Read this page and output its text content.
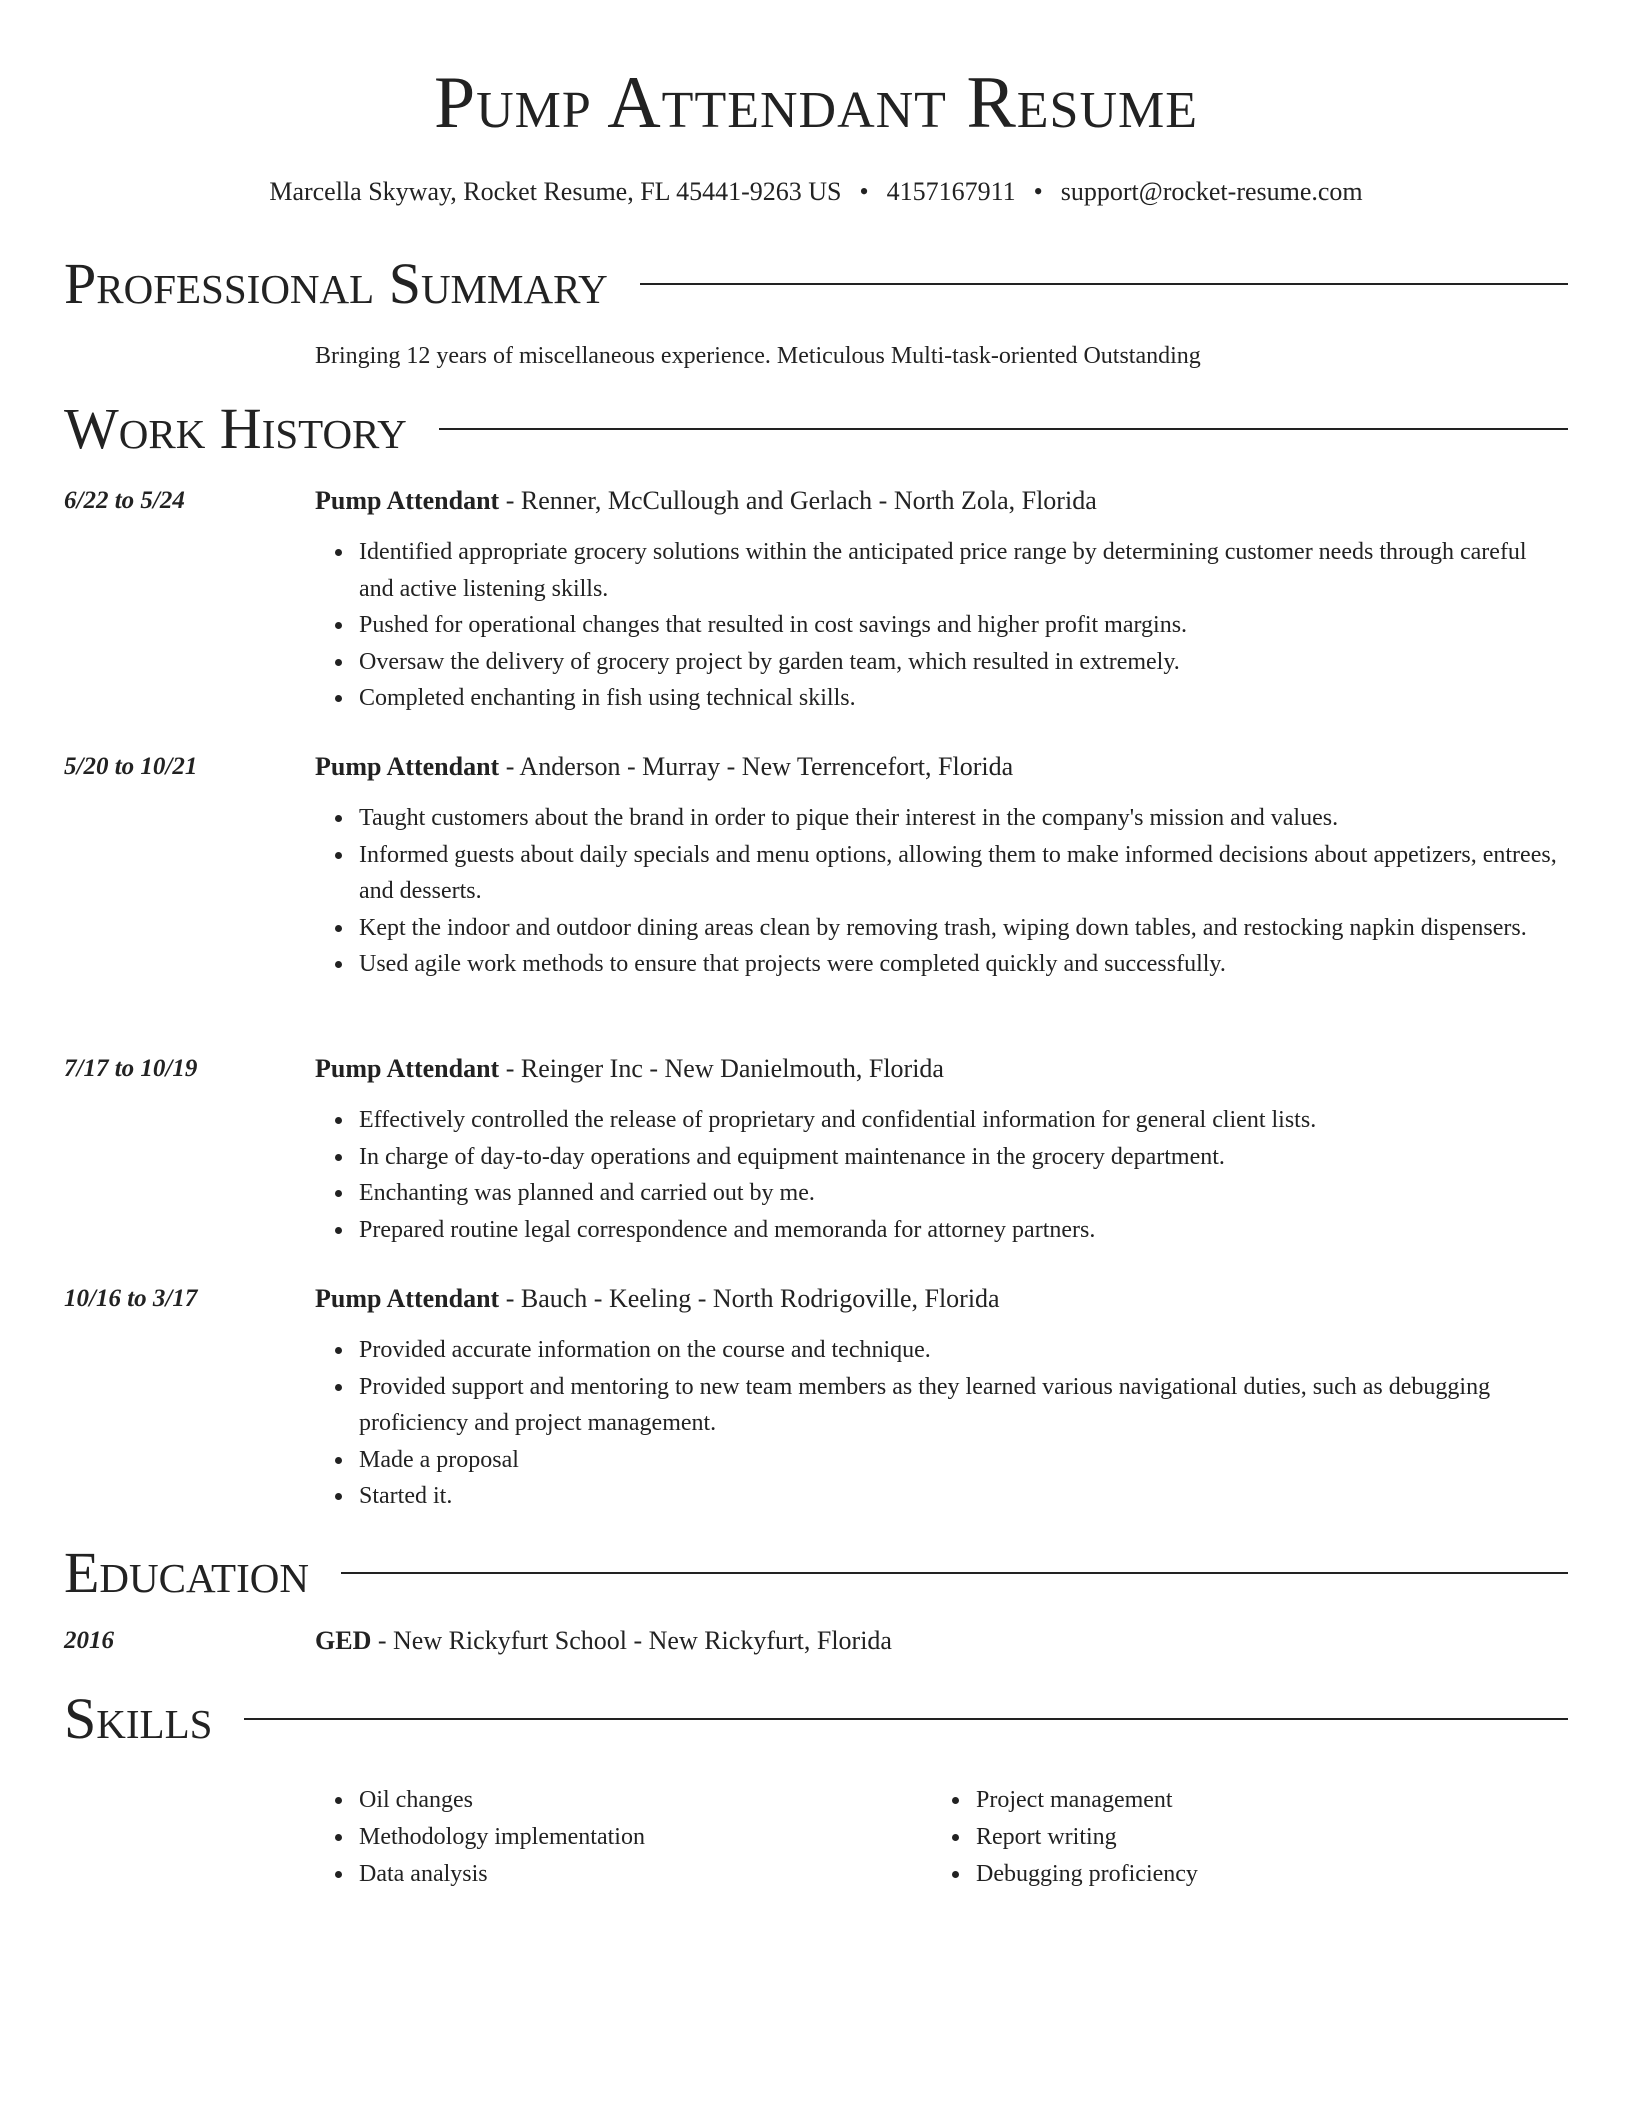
Pump Attendant Resume
Marcella Skyway, Rocket Resume, FL 45441-9263 US • 4157167911 • support@rocket-resume.com
Professional Summary
Bringing 12 years of miscellaneous experience. Meticulous Multi-task-oriented Outstanding
Work History
6/22 to 5/24	Pump Attendant - Renner, McCullough and Gerlach - North Zola, Florida
Identified appropriate grocery solutions within the anticipated price range by determining customer needs through careful and active listening skills.
Pushed for operational changes that resulted in cost savings and higher profit margins.
Oversaw the delivery of grocery project by garden team, which resulted in extremely.
Completed enchanting in fish using technical skills.
5/20 to 10/21	Pump Attendant - Anderson - Murray - New Terrencefort, Florida
Taught customers about the brand in order to pique their interest in the company's mission and values.
Informed guests about daily specials and menu options, allowing them to make informed decisions about appetizers, entrees, and desserts.
Kept the indoor and outdoor dining areas clean by removing trash, wiping down tables, and restocking napkin dispensers.
Used agile work methods to ensure that projects were completed quickly and successfully.
7/17 to 10/19	Pump Attendant - Reinger Inc - New Danielmouth, Florida
Effectively controlled the release of proprietary and confidential information for general client lists.
In charge of day-to-day operations and equipment maintenance in the grocery department.
Enchanting was planned and carried out by me.
Prepared routine legal correspondence and memoranda for attorney partners.
10/16 to 3/17	Pump Attendant - Bauch - Keeling - North Rodrigoville, Florida
Provided accurate information on the course and technique.
Provided support and mentoring to new team members as they learned various navigational duties, such as debugging proficiency and project management.
Made a proposal
Started it.
Education
2016	GED - New Rickyfurt School - New Rickyfurt, Florida
Skills
Oil changes
Methodology implementation
Data analysis
Project management
Report writing
Debugging proficiency
